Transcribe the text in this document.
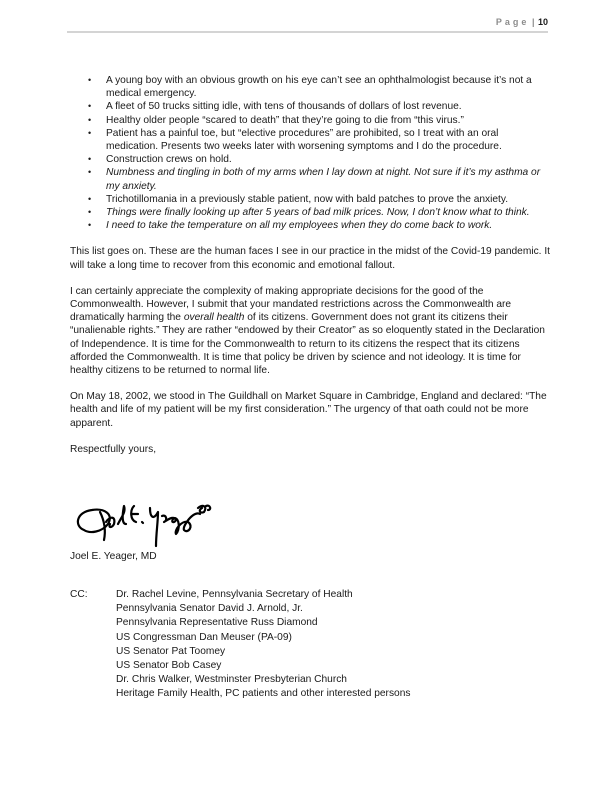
Page | 10
• A young boy with an obvious growth on his eye can’t see an ophthalmologist because it’s not a medical emergency.
• A fleet of 50 trucks sitting idle, with tens of thousands of dollars of lost revenue.
• Healthy older people “scared to death” that they’re going to die from “this virus.”
• Patient has a painful toe, but “elective procedures” are prohibited, so I treat with an oral medication. Presents two weeks later with worsening symptoms and I do the procedure.
• Construction crews on hold.
• Numbness and tingling in both of my arms when I lay down at night. Not sure if it’s my asthma or my anxiety.
• Trichotillomania in a previously stable patient, now with bald patches to prove the anxiety.
• Things were finally looking up after 5 years of bad milk prices. Now, I don’t know what to think.
• I need to take the temperature on all my employees when they do come back to work.

This list goes on. These are the human faces I see in our practice in the midst of the Covid-19 pandemic. It will take a long time to recover from this economic and emotional fallout.

I can certainly appreciate the complexity of making appropriate decisions for the good of the Commonwealth. However, I submit that your mandated restrictions across the Commonwealth are dramatically harming the overall health of its citizens. Government does not grant its citizens their “unalienable rights.” They are rather “endowed by their Creator” as so eloquently stated in the Declaration of Independence. It is time for the Commonwealth to return to its citizens the respect that its citizens afforded the Commonwealth. It is time that policy be driven by science and not ideology. It is time for healthy citizens to be returned to normal life.

On May 18, 2002, we stood in The Guildhall on Market Square in Cambridge, England and declared: “The health and life of my patient will be my first consideration.” The urgency of that oath could not be more apparent.

Respectfully yours,

Joel E. Yeager, MD
CC:	Dr. Rachel Levine, Pennsylvania Secretary of Health
Pennsylvania Senator David J. Arnold, Jr.
Pennsylvania Representative Russ Diamond
US Congressman Dan Meuser (PA-09)
US Senator Pat Toomey
US Senator Bob Casey
Dr. Chris Walker, Westminster Presbyterian Church
Heritage Family Health, PC patients and other interested persons
